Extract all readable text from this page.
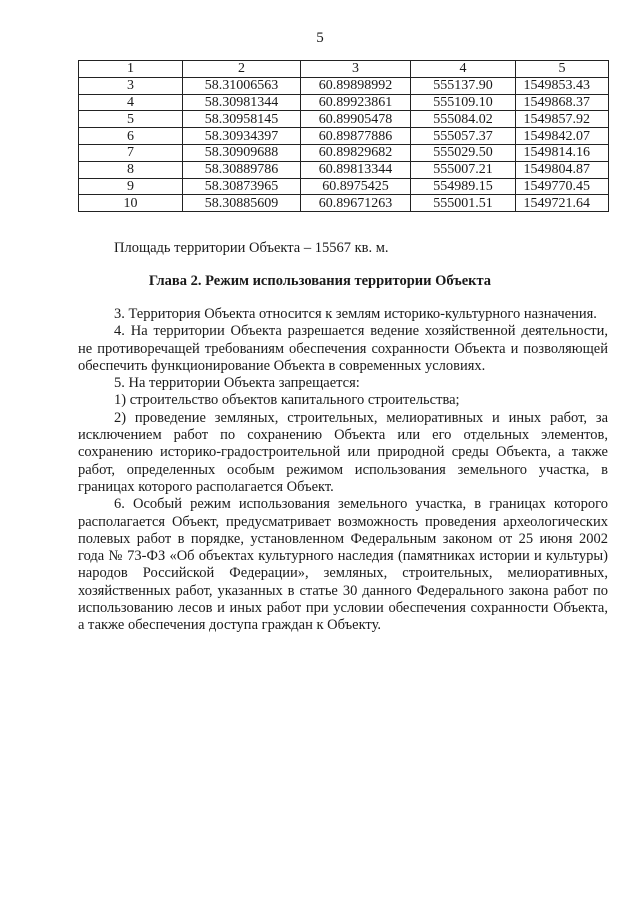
5
1	2	3	4	5
3	58.31006563	60.89898992	555137.90	1549853.43
4	58.30981344	60.89923861	555109.10	1549868.37
5	58.30958145	60.89905478	555084.02	1549857.92
6	58.30934397	60.89877886	555057.37	1549842.07
7	58.30909688	60.89829682	555029.50	1549814.16
8	58.30889786	60.89813344	555007.21	1549804.87
9	58.30873965	60.8975425	554989.15	1549770.45
10	58.30885609	60.89671263	555001.51	1549721.64
Площадь территории Объекта – 15567 кв. м.
Глава 2. Режим использования территории Объекта

3. Территория Объекта относится к землям историко-культурного назначения.

4. На территории Объекта разрешается ведение хозяйственной деятельности, не противоречащей требованиям обеспечения сохранности Объекта и позволяющей обеспечить функционирование Объекта в современных условиях.

5. На территории Объекта запрещается:

1) строительство объектов капитального строительства;

2) проведение земляных, строительных, мелиоративных и иных работ, за исключением работ по сохранению Объекта или его отдельных элементов, сохранению историко-градостроительной или природной среды Объекта, а также работ, определенных особым режимом использования земельного участка, в границах которого располагается Объект.

6. Особый режим использования земельного участка, в границах которого располагается Объект, предусматривает возможность проведения археологических полевых работ в порядке, установленном Федеральным законом от 25 июня 2002 года № 73-ФЗ «Об объектах культурного наследия (памятниках истории и культуры) народов Российской Федерации», земляных, строительных, мелиоративных, хозяйственных работ, указанных в статье 30 данного Федерального закона работ по использованию лесов и иных работ при условии обеспечения сохранности Объекта, а также обеспечения доступа граждан к Объекту.
